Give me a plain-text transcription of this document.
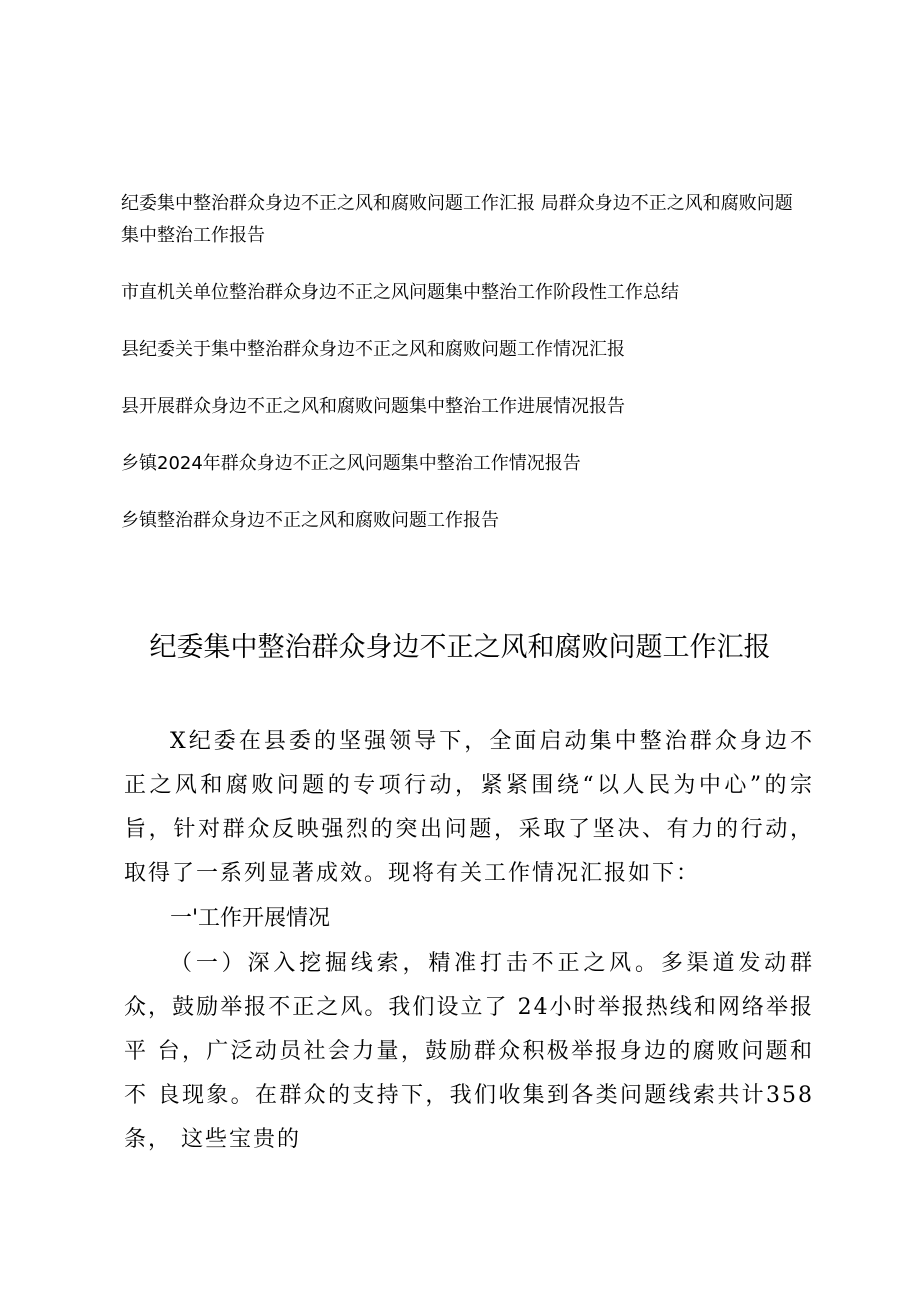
纪委集中整治群众身边不正之风和腐败问题工作汇报 局群众身边不正之风和腐败问题集中整治工作报告

市直机关单位整治群众身边不正之风问题集中整治工作阶段性工作总结

县纪委关于集中整治群众身边不正之风和腐败问题工作情况汇报

县开展群众身边不正之风和腐败问题集中整治工作进展情况报告

乡镇2024年群众身边不正之风问题集中整治工作情况报告

乡镇整治群众身边不正之风和腐败问题工作报告

纪委集中整治群众身边不正之风和腐败问题工作汇报

X纪委在县委的坚强领导下，全面启动集中整治群众身边不 正之风和腐败问题的专项行动，紧紧围绕“以人民为中心”的宗 旨，针对群众反映强烈的突出问题，采取了坚决、有力的行动， 取得了一系列显著成效。现将有关工作情况汇报如下：

一'工作开展情况

（一）深入挖掘线索，精准打击不正之风。多渠道发动群众，鼓励举报不正之风。我们设立了 24小时举报热线和网络举报平 台，广泛动员社会力量，鼓励群众积极举报身边的腐败问题和不 良现象。在群众的支持下，我们收集到各类问题线索共计358条， 这些宝贵的
